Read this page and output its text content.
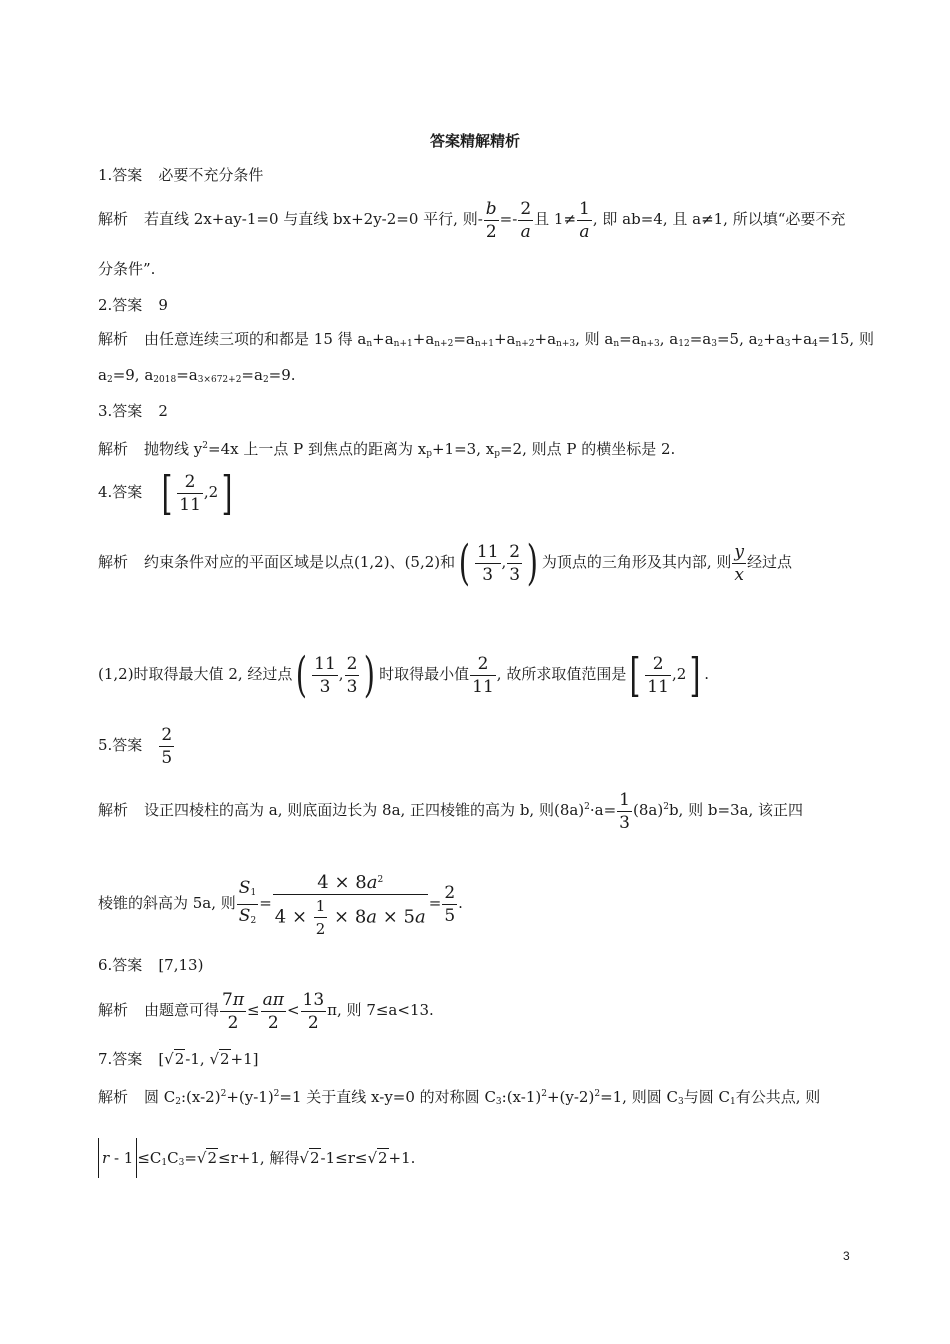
答案精解精析
1.答案 必要不充分条件
解析 若直线 2x+ay-1=0 与直线 bx+2y-2=0 平行, 则- $\frac{b}{2} =- \frac{2}{a}$ 且 $1\ne \frac{1}{a}$ , 即 ab=4, 且 a≠1, 所以填“必要不充
分条件”.
2.答案 9
解析 由任意连续三项的和都是 15 得 $a_n+a_{n+1}+a_{n+2}=a_{n+1}+a_{n+2}+a_{n+3}$, 则 $a_n=a_{n+3}$, $a_{12}=a_3=5$, $a_2+a_3+a_4=15$, 则
$a_2=9$, $a_{2018}=a_{3\times 672+2}=a_2=9$.
3.答案 2
解析 抛物线 $y^2=4x$ 上一点 P 到焦点的距离为 $x_p+1=3$, $x_p=2$, 则点 P 的横坐标是 2.
4.答案 [ $\frac{2}{11} ,2$]
解析 约束条件对应的平面区域是以点(1,2)、(5,2)和( $\frac{11}{3}$ , $\frac{2}{3}$ ) 为顶点的三角形及其内部, 则 $\frac{y}{x}$ 经过点
(1,2)时取得最大值 2, 经过点( $\frac{11}{3}$ , $\frac{2}{3}$ ) 时取得最小值 $\frac{2}{11}$ , 故所求取值范围是[ $\frac{2}{11} ,2$] .
5.答案 $\frac{2}{5}$
解析 设正四棱柱的高为 a, 则底面边长为 8a, 正四棱锥的高为 b, 则$(8a)^2\cdot a= \frac{1}{3} (8a)^2b$, 则 b=3a, 该正四
棱锥的斜高为 5a, 则 $\frac{S_1}{S_2} = \frac{4 \times 8a^2}{4 \times \frac{1}{2} \times 8a \times 5a} = \frac{2}{5}$ .
6.答案 [7,13)
解析 由题意可得 $\frac{7\pi}{2} \le \frac{a\pi}{2} < \frac{13}{2} \pi$, 则 7≤a<13.
7.答案 [√2-1, √2+1]
解析 圆 $C_2:(x-2)^2+(y-1)^2=1$ 关于直线 x-y=0 的对称圆 $C_3:(x-1)^2+(y-2)^2=1$, 则圆 $C_3$与圆 $C_1$有公共点, 则
$r - 1 \le C_1C_3=√2\le r+1$, 解得√2-1≤r≤√2+1.
3
